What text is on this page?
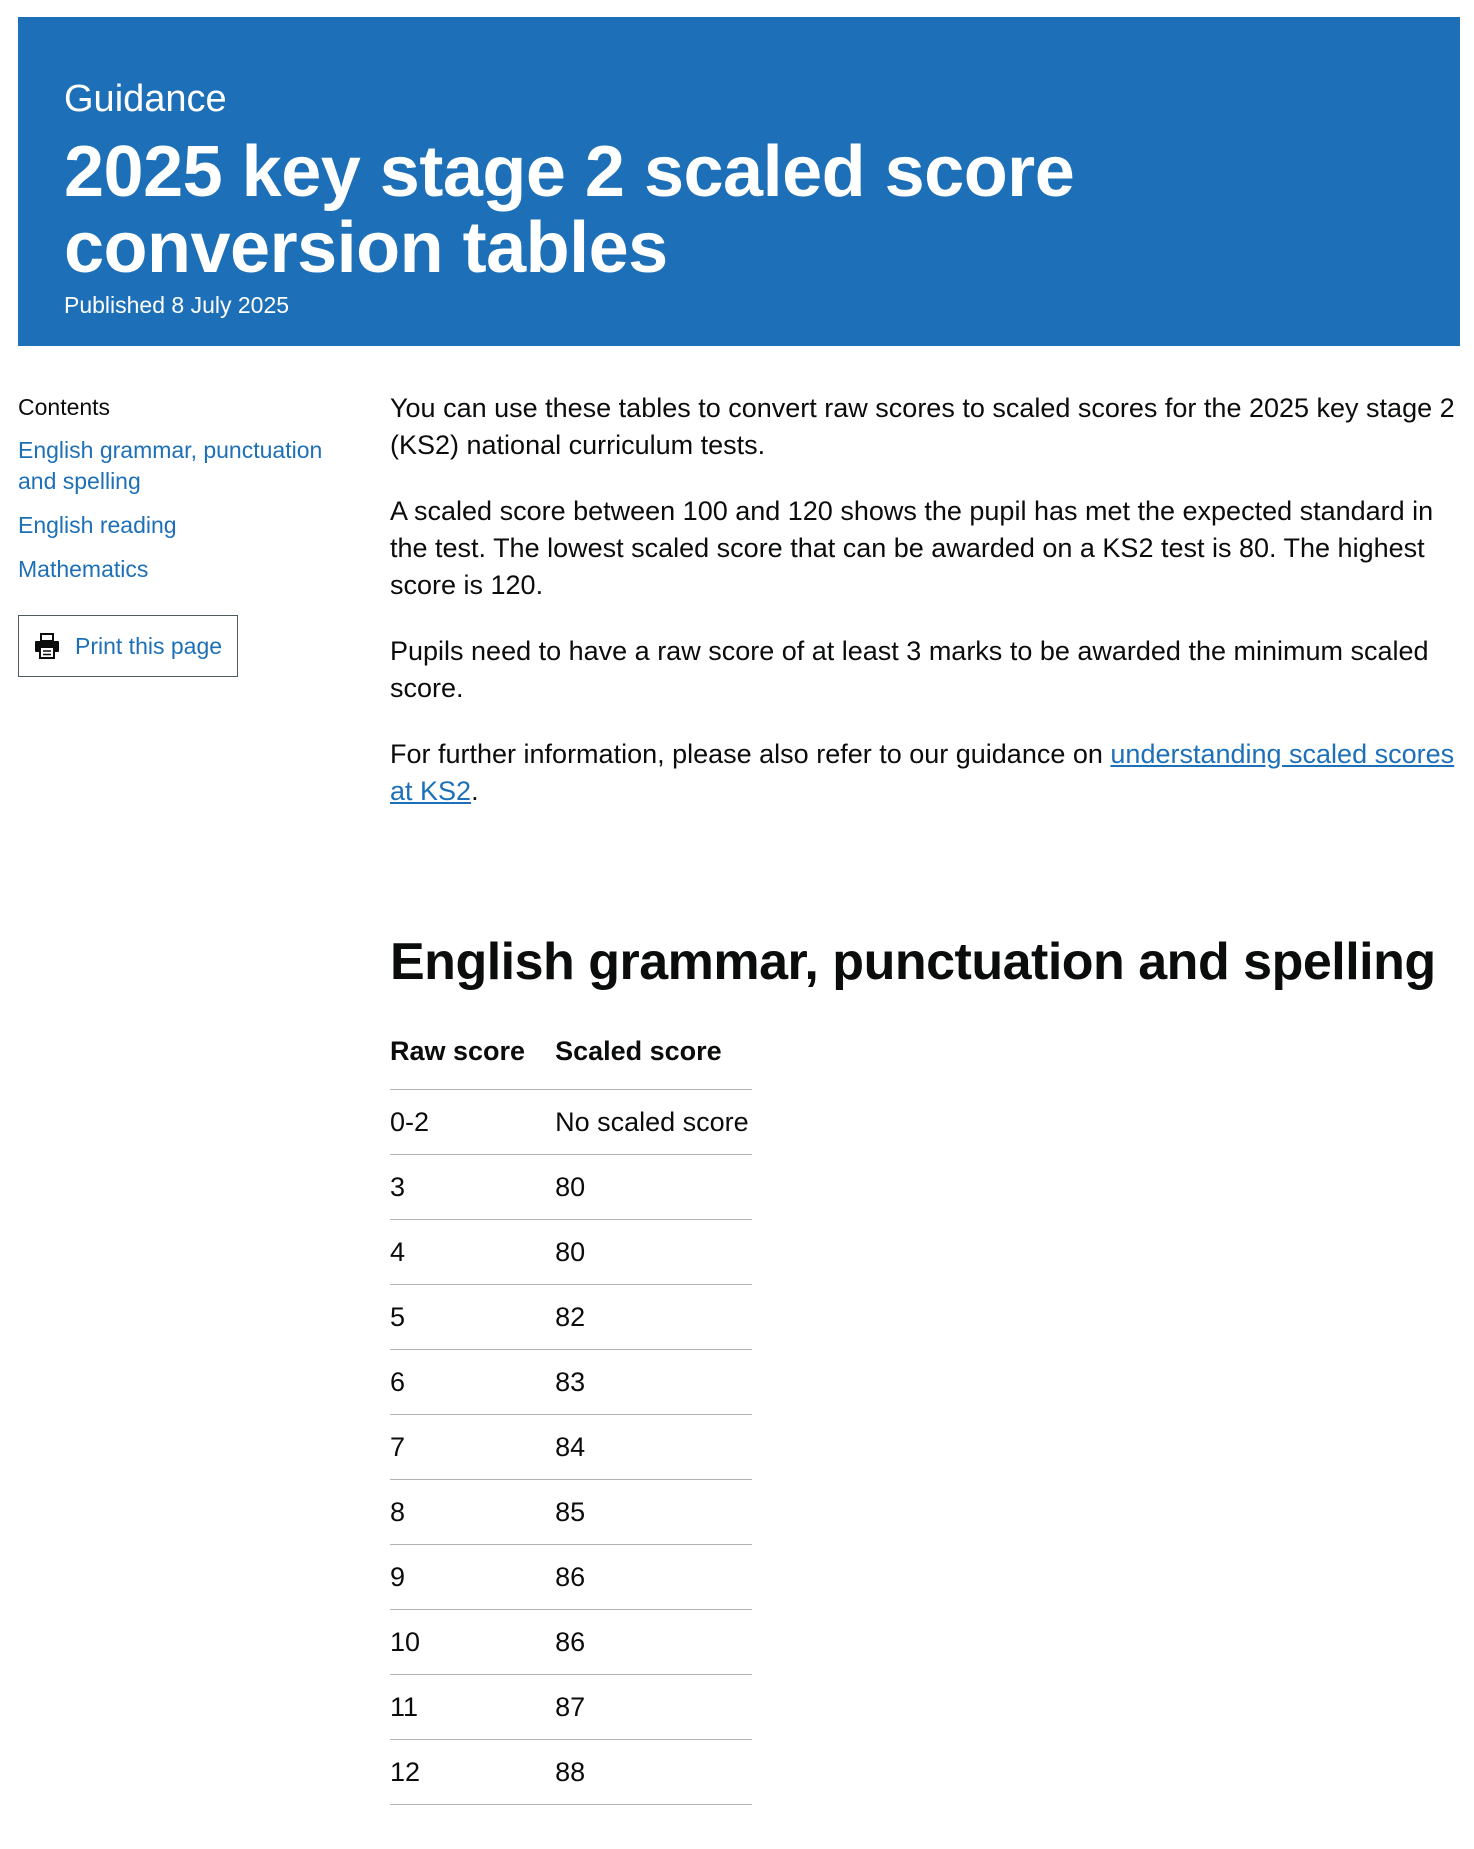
Guidance
2025 key stage 2 scaled score conversion tables
Published 8 July 2025
Contents
English grammar, punctuation and spelling
English reading
Mathematics
Print this page

You can use these tables to convert raw scores to scaled scores for the 2025 key stage 2 (KS2) national curriculum tests.

A scaled score between 100 and 120 shows the pupil has met the expected standard in the test. The lowest scaled score that can be awarded on a KS2 test is 80. The highest score is 120.

Pupils need to have a raw score of at least 3 marks to be awarded the minimum scaled score.

For further information, please also refer to our guidance on understanding scaled scores at KS2.

English grammar, punctuation and spelling
Raw score	Scaled score
0-2	No scaled score
3	80
4	80
5	82
6	83
7	84
8	85
9	86
10	86
11	87
12	88
